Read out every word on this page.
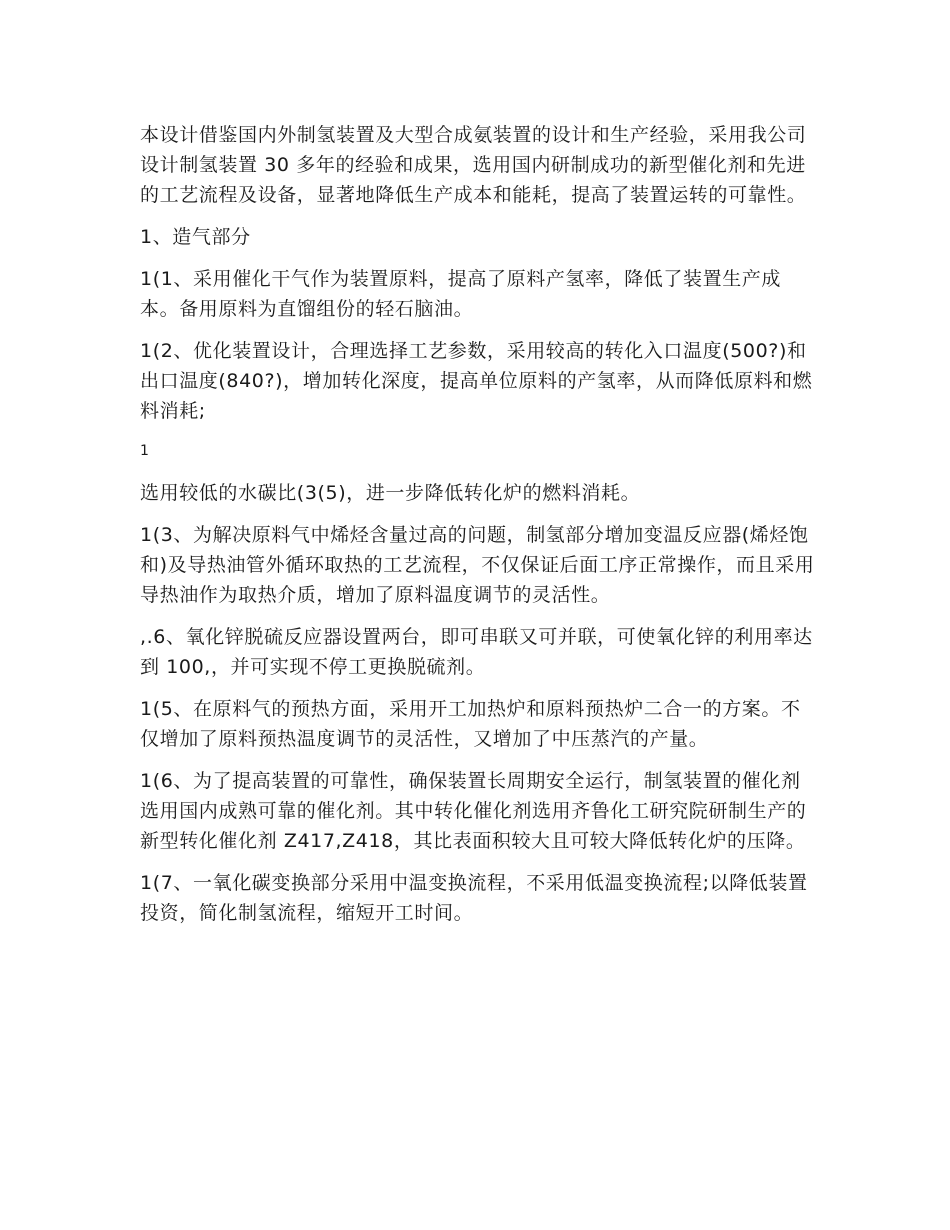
本设计借鉴国内外制氢装置及大型合成氨装置的设计和生产经验，采用我公司设计制氢装置 30 多年的经验和成果，选用国内研制成功的新型催化剂和先进的工艺流程及设备，显著地降低生产成本和能耗，提高了装置运转的可靠性。

1、造气部分

1(1、采用催化干气作为装置原料，提高了原料产氢率，降低了装置生产成本。备用原料为直馏组份的轻石脑油。

1(2、优化装置设计，合理选择工艺参数，采用较高的转化入口温度(500?)和出口温度(840?)，增加转化深度，提高单位原料的产氢率，从而降低原料和燃料消耗;

1

选用较低的水碳比(3(5)，进一步降低转化炉的燃料消耗。

1(3、为解决原料气中烯烃含量过高的问题，制氢部分增加变温反应器(烯烃饱和)及导热油管外循环取热的工艺流程，不仅保证后面工序正常操作，而且采用导热油作为取热介质，增加了原料温度调节的灵活性。

,.6、氧化锌脱硫反应器设置两台，即可串联又可并联，可使氧化锌的利用率达到 100,，并可实现不停工更换脱硫剂。

1(5、在原料气的预热方面，采用开工加热炉和原料预热炉二合一的方案。不仅增加了原料预热温度调节的灵活性，又增加了中压蒸汽的产量。

1(6、为了提高装置的可靠性，确保装置长周期安全运行，制氢装置的催化剂选用国内成熟可靠的催化剂。其中转化催化剂选用齐鲁化工研究院研制生产的新型转化催化剂 Z417,Z418，其比表面积较大且可较大降低转化炉的压降。

1(7、一氧化碳变换部分采用中温变换流程，不采用低温变换流程;以降低装置投资，简化制氢流程，缩短开工时间。
